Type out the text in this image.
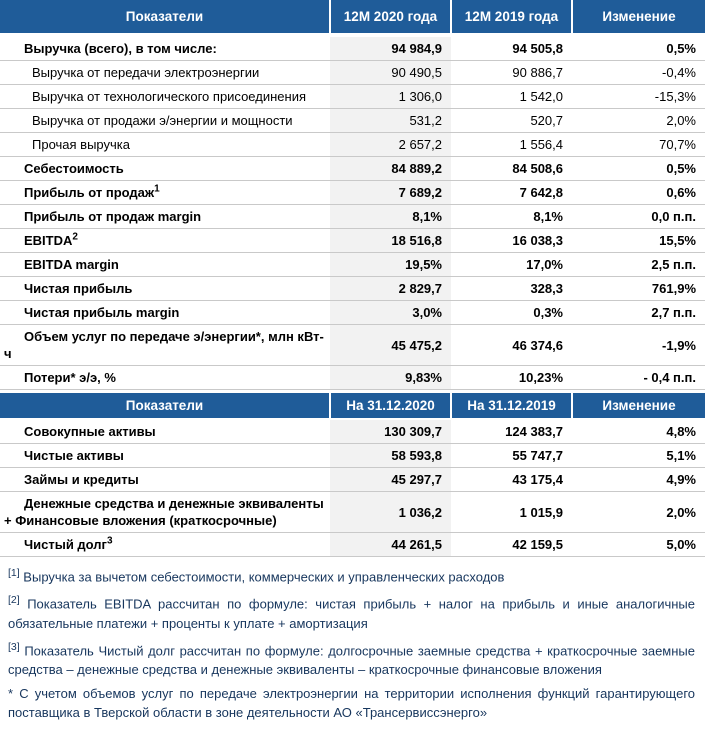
Показатели	12М 2020 года	12М 2019 года	Изменение
Выручка (всего), в том числе:	94 984,9	94 505,8	0,5%
Выручка от передачи электроэнергии	90 490,5	90 886,7	-0,4%
Выручка от технологического присоединения	1 306,0	1 542,0	-15,3%
Выручка от продажи э/энергии и мощности	531,2	520,7	2,0%
Прочая выручка	2 657,2	1 556,4	70,7%
Себестоимость	84 889,2	84 508,6	0,5%
Прибыль от продаж$^1$	7 689,2	7 642,8	0,6%
Прибыль от продаж margin	8,1%	8,1%	0,0 п.п.
EBITDA$^2$	18 516,8	16 038,3	15,5%
EBITDA margin	19,5%	17,0%	2,5 п.п.
Чистая прибыль	2 829,7	328,3	761,9%
Чистая прибыль margin	3,0%	0,3%	2,7 п.п.
Объем услуг по передаче э/энергии*, млн кВт-ч	45 475,2	46 374,6	-1,9%
Потери* э/э, %	9,83%	10,23%	- 0,4 п.п.
Показатели	На 31.12.2020	На 31.12.2019	Изменение
Совокупные активы	130 309,7	124 383,7	4,8%
Чистые активы	58 593,8	55 747,7	5,1%
Займы и кредиты	45 297,7	43 175,4	4,9%
Денежные средства и денежные эквиваленты + Финансовые вложения (краткосрочные)	1 036,2	1 015,9	2,0%
Чистый долг$^3$	44 261,5	42 159,5	5,0%

[1] Выручка за вычетом себестоимости, коммерческих и управленческих расходов

[2] Показатель EBITDA рассчитан по формуле: чистая прибыль + налог на прибыль и иные аналогичные обязательные платежи + проценты к уплате + амортизация

[3] Показатель Чистый долг рассчитан по формуле: долгосрочные заемные средства + краткосрочные заемные средства – денежные средства и денежные эквиваленты – краткосрочные финансовые вложения

* С учетом объемов услуг по передаче электроэнергии на территории исполнения функций гарантирующего поставщика в Тверской области в зоне деятельности АО «Трансервиссэнерго»
